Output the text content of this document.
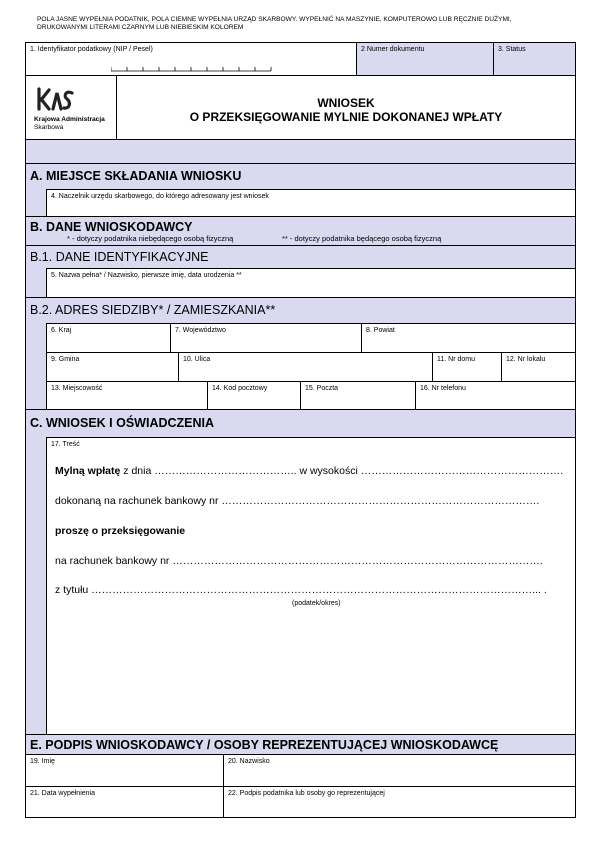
POLA JASNE WYPEŁNIA PODATNIK, POLA CIEMNE WYPEŁNIA URZĄD SKARBOWY. WYPEŁNIĆ NA MASZYNIE, KOMPUTEROWO LUB RĘCZNIE DUŻYMI, DRUKOWANYMI LITERAMI CZARNYM LUB NIEBIESKIM KOLOREM
1. Identyfikator podatkowy (NIP / Pesel)	2 Numer dokumentu	3. Status
Krajowa Administracja
Skarbowa
WNIOSEK
O PRZEKSIĘGOWANIE MYLNIE DOKONANEJ WPŁATY
A. MIEJSCE SKŁADANIA WNIOSKU
4. Naczelnik urzędu skarbowego, do którego adresowany jest wniosek
B. DANE WNIOSKODAWCY
* - dotyczy podatnika niebędącego osobą fizyczną	** - dotyczy podatnika będącego osobą fizyczną
B.1. DANE IDENTYFIKACYJNE
5. Nazwa pełna* / Nazwisko, pierwsze imię, data urodzenia **
B.2. ADRES SIEDZIBY* / ZAMIESZKANIA**
6. Kraj	7. Województwo	8. Powiat
9. Gmina	10. Ulica	11. Nr domu	12. Nr lokalu
13. Miejscowość	14. Kod pocztowy	15. Poczta	16. Nr telefonu
C. WNIOSEK I OŚWIADCZENIA
17. Treść
Mylną wpłatę z dnia ………………………………….. w wysokości ………………………………………………….
dokonaną na rachunek bankowy nr ……………………………………………………………………………….
proszę o przeksięgowanie
na rachunek bankowy nr …………………………………………………………………………………………….
z tytułu ………………………………………………………………………………………………………………... .
(podatek/okres)
E. PODPIS WNIOSKODAWCY / OSOBY REPREZENTUJĄCEJ WNIOSKODAWCĘ
19. Imię	20. Nazwisko
21. Data wypełnienia	22. Podpis podatnika lub osoby go reprezentującej
